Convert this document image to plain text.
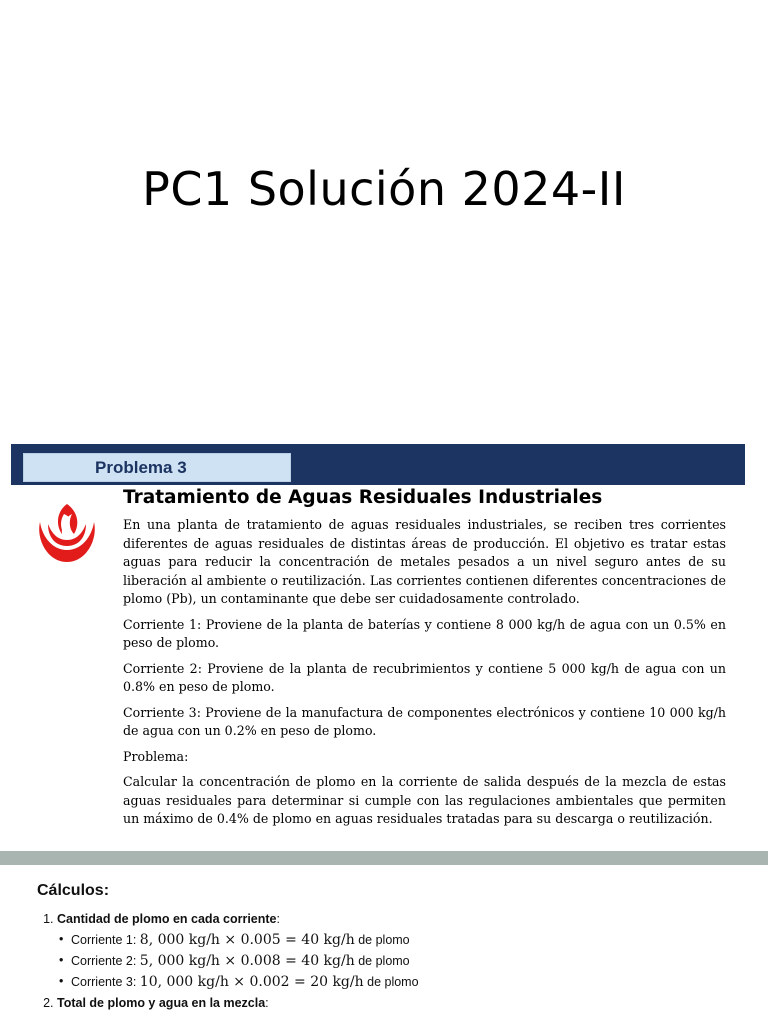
PC1 Solución 2024-II
Problema 3
Tratamiento de Aguas Residuales Industriales

En una planta de tratamiento de aguas residuales industriales, se reciben tres corrientes diferentes de aguas residuales de distintas áreas de producción. El objetivo es tratar estas aguas para reducir la concentración de metales pesados a un nivel seguro antes de su liberación al ambiente o reutilización. Las corrientes contienen diferentes concentraciones de plomo (Pb), un contaminante que debe ser cuidadosamente controlado.

Corriente 1: Proviene de la planta de baterías y contiene 8 000 kg/h de agua con un 0.5% en peso de plomo.

Corriente 2: Proviene de la planta de recubrimientos y contiene 5 000 kg/h de agua con un 0.8% en peso de plomo.

Corriente 3: Proviene de la manufactura de componentes electrónicos y contiene 10 000 kg/h de agua con un 0.2% en peso de plomo.

Problema:

Calcular la concentración de plomo en la corriente de salida después de la mezcla de estas aguas residuales para determinar si cumple con las regulaciones ambientales que permiten un máximo de 0.4% de plomo en aguas residuales tratadas para su descarga o reutilización.

Cálculos:
1. Cantidad de plomo en cada corriente:
• Corriente 1: 8, 000 kg/h × 0.005 = 40 kg/h de plomo
• Corriente 2: 5, 000 kg/h × 0.008 = 40 kg/h de plomo
• Corriente 3: 10, 000 kg/h × 0.002 = 20 kg/h de plomo
2. Total de plomo y agua en la mezcla:
